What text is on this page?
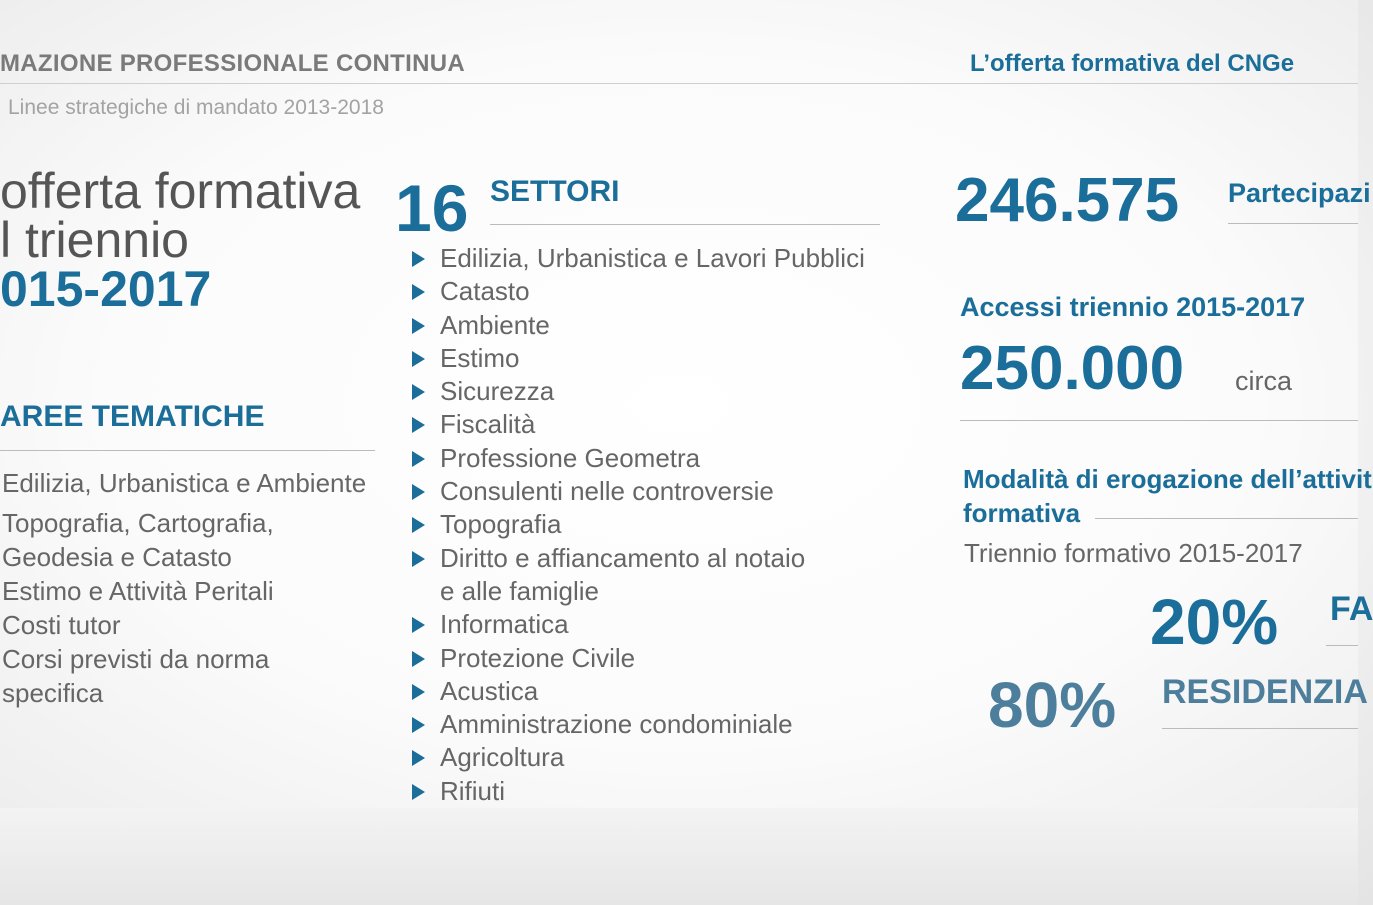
MAZIONE PROFESSIONALE CONTINUA	L’offerta formativa del CNGe
Linee strategiche di mandato 2013-2018
offerta formativa
l triennio
015-2017
AREE TEMATICHE
Edilizia, Urbanistica e Ambiente
Topografia, Cartografia,
Geodesia e Catasto
Estimo e Attività Peritali
Costi tutor
Corsi previsti da norma
specifica
16 SETTORI
Edilizia, Urbanistica e Lavori Pubblici
Catasto
Ambiente
Estimo
Sicurezza
Fiscalità
Professione Geometra
Consulenti nelle controversie
Topografia
Diritto e affiancamento al notaio
e alle famiglie
Informatica
Protezione Civile
Acustica
Amministrazione condominiale
Agricoltura
Rifiuti
246.575 Partecipazi
Accessi triennio 2015-2017
250.000 circa
Modalità di erogazione dell’attivit
formativa
Triennio formativo 2015-2017
20% FA
80% RESIDENZIA
